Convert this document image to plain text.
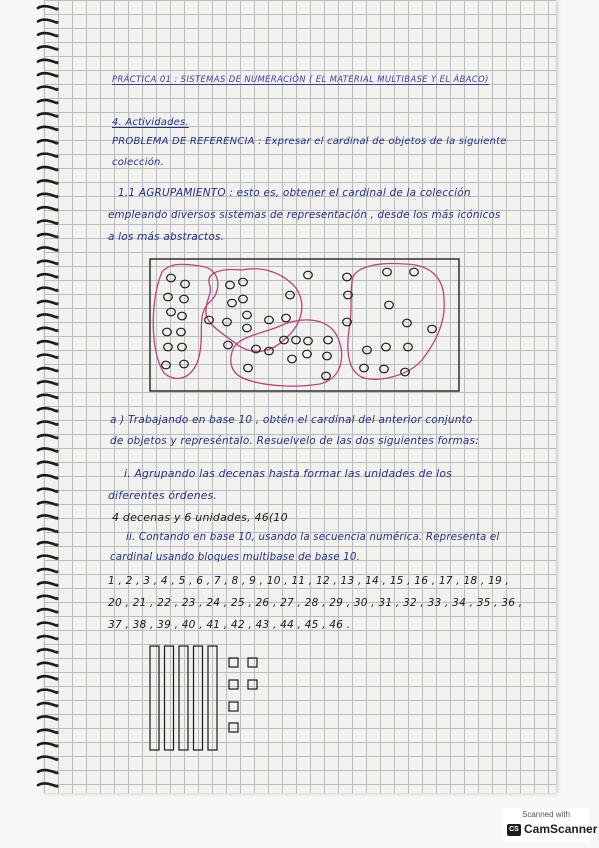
PRÁCTICA 01 : SISTEMAS DE NUMERACIÓN ( EL MATERIAL MULTIBASE Y EL ÁBACO)

4. Actividades.

PROBLEMA DE REFERENCIA : Expresar el cardinal de objetos de la siguiente

colección.

1.1 AGRUPAMIENTO : esto es, obtener el cardinal de la colección

empleando diversos sistemas de representación , desde los más icónicos

a los más abstractos.

a ) Trabajando en base 10 , obtén el cardinal del anterior conjunto

de objetos y represéntalo. Resuelvelo de las dos siguientes formas:

i. Agrupando las decenas hasta formar las unidades de los

diferentes órdenes.

4 decenas y 6 unidades, 46(10

ii. Contando en base 10, usando la secuencia numérica. Representa el

cardinal usando bloques multibase de base 10.

1 , 2 , 3 , 4 , 5 , 6 , 7 , 8 , 9 , 10 , 11 , 12 , 13 , 14 , 15 , 16 , 17 , 18 , 19 ,

20 , 21 , 22 , 23 , 24 , 25 , 26 , 27 , 28 , 29 , 30 , 31 , 32 , 33 , 34 , 35 , 36 ,

37 , 38 , 39 , 40 , 41 , 42 , 43 , 44 , 45 , 46 .

Scanned with
CS CamScanner
